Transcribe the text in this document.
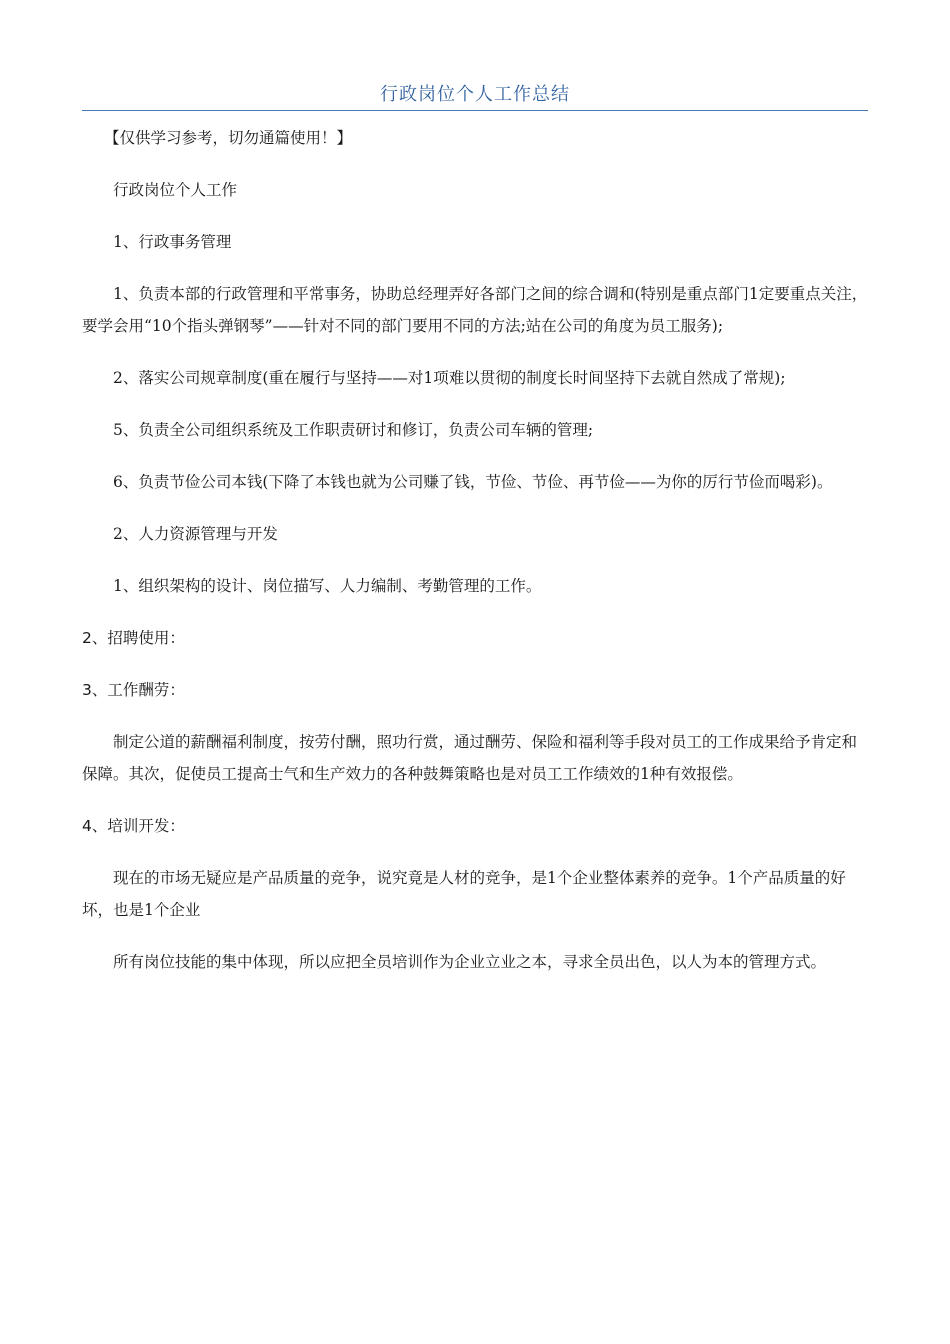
行政岗位个人工作总结
【仅供学习参考，切勿通篇使用！】

行政岗位个人工作

1、行政事务管理

1、负责本部的行政管理和平常事务，协助总经理弄好各部门之间的综合调和(特别是重点部门1定要重点关注，要学会用“10个指头弹钢琴”——针对不同的部门要用不同的方法;站在公司的角度为员工服务);

2、落实公司规章制度(重在履行与坚持——对1项难以贯彻的制度长时间坚持下去就自然成了常规);

5、负责全公司组织系统及工作职责研讨和修订，负责公司车辆的管理;

6、负责节俭公司本钱(下降了本钱也就为公司赚了钱，节俭、节俭、再节俭——为你的厉行节俭而喝彩)。

2、人力资源管理与开发

1、组织架构的设计、岗位描写、人力编制、考勤管理的工作。

2、招聘使用：

3、工作酬劳：

制定公道的薪酬福利制度，按劳付酬，照功行赏，通过酬劳、保险和福利等手段对员工的工作成果给予肯定和保障。其次，促使员工提高士气和生产效力的各种鼓舞策略也是对员工工作绩效的1种有效报偿。

4、培训开发：

现在的市场无疑应是产品质量的竞争，说究竟是人材的竞争，是1个企业整体素养的竞争。1个产品质量的好坏，也是1个企业

所有岗位技能的集中体现，所以应把全员培训作为企业立业之本，寻求全员出色，以人为本的管理方式。
